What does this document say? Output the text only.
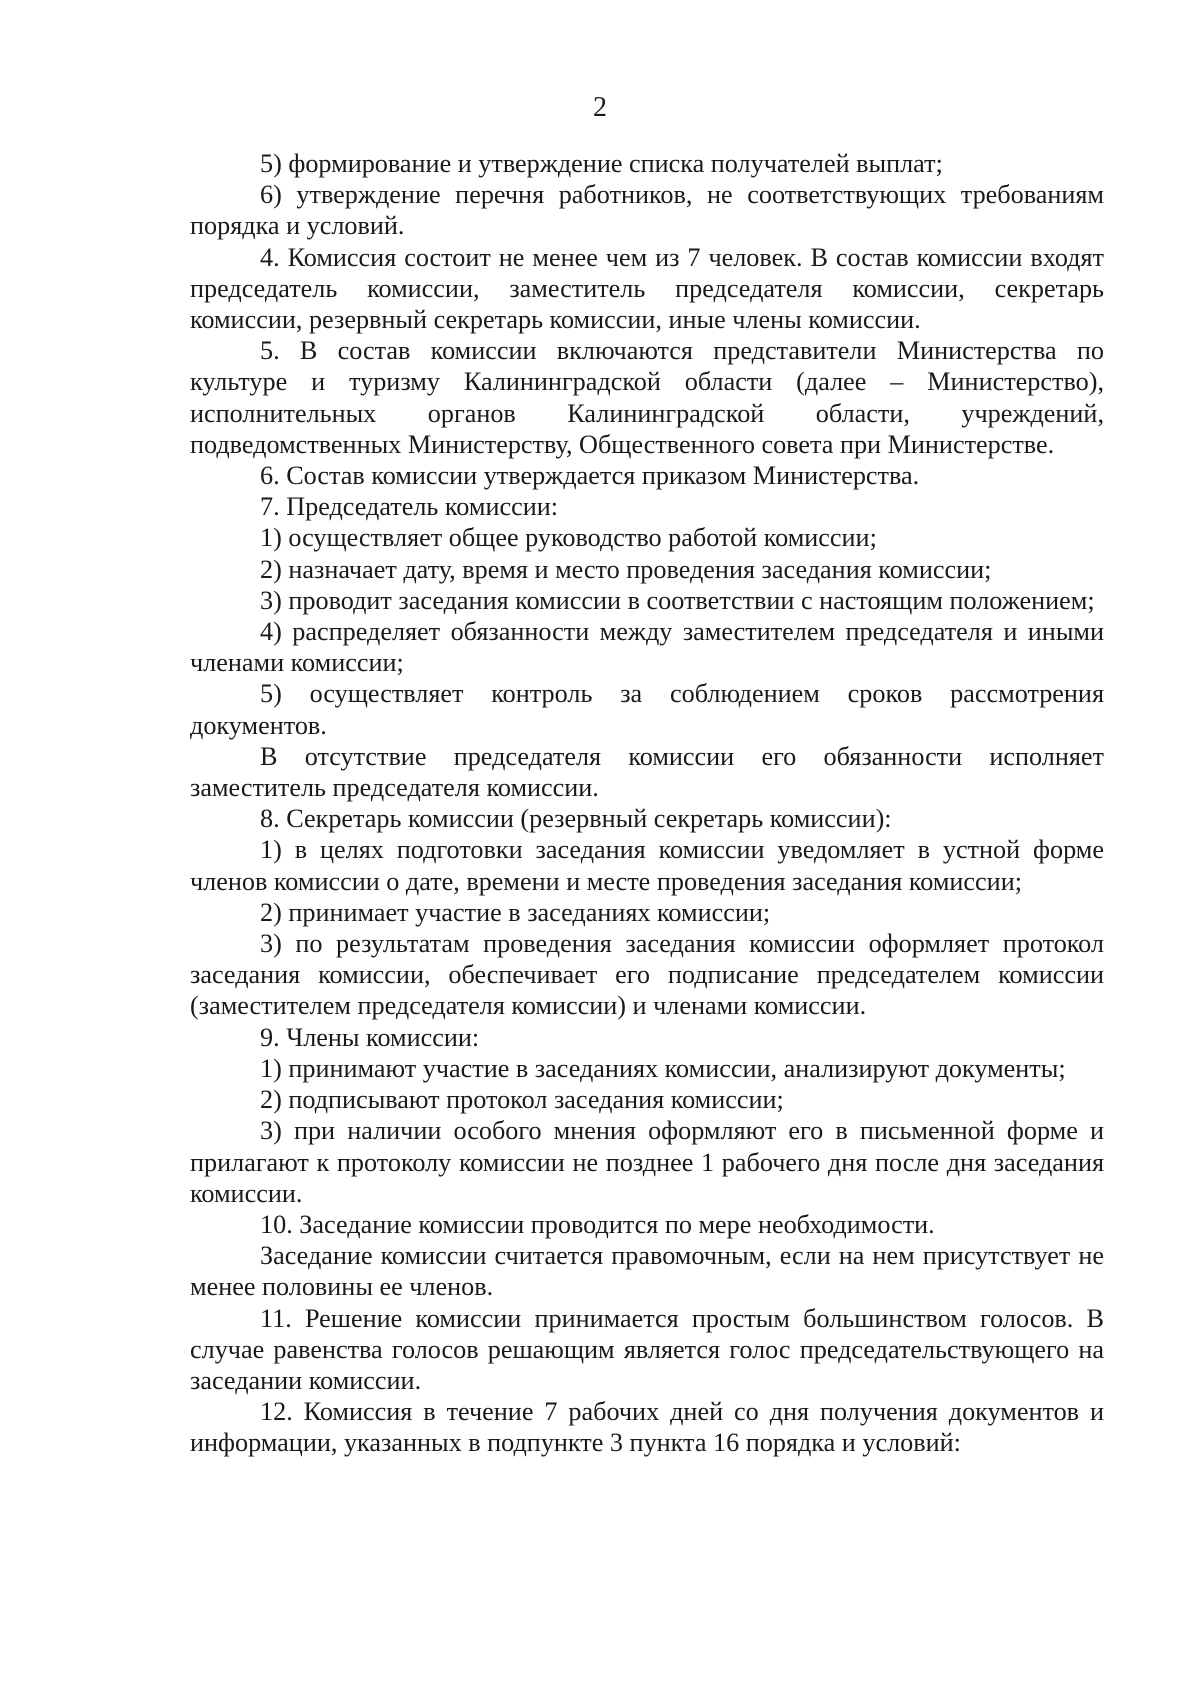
2

5) формирование и утверждение списка получателей выплат;

6) утверждение перечня работников, не соответствующих требованиям порядка и условий.

4. Комиссия состоит не менее чем из 7 человек. В состав комиссии входят председатель комиссии, заместитель председателя комиссии, секретарь комиссии, резервный секретарь комиссии, иные члены комиссии.

5. В состав комиссии включаются представители Министерства по культуре и туризму Калининградской области (далее – Министерство), исполнительных органов Калининградской области, учреждений, подведомственных Министерству, Общественного совета при Министерстве.

6. Состав комиссии утверждается приказом Министерства.

7. Председатель комиссии:

1) осуществляет общее руководство работой комиссии;

2) назначает дату, время и место проведения заседания комиссии;

3) проводит заседания комиссии в соответствии с настоящим положением;

4) распределяет обязанности между заместителем председателя и иными членами комиссии;

5) осуществляет контроль за соблюдением сроков рассмотрения документов.

В отсутствие председателя комиссии его обязанности исполняет заместитель председателя комиссии.

8. Секретарь комиссии (резервный секретарь комиссии):

1) в целях подготовки заседания комиссии уведомляет в устной форме членов комиссии о дате, времени и месте проведения заседания комиссии;

2) принимает участие в заседаниях комиссии;

3) по результатам проведения заседания комиссии оформляет протокол заседания комиссии, обеспечивает его подписание председателем комиссии (заместителем председателя комиссии) и членами комиссии.

9. Члены комиссии:

1) принимают участие в заседаниях комиссии, анализируют документы;

2) подписывают протокол заседания комиссии;

3) при наличии особого мнения оформляют его в письменной форме и прилагают к протоколу комиссии не позднее 1 рабочего дня после дня заседания комиссии.

10. Заседание комиссии проводится по мере необходимости.

Заседание комиссии считается правомочным, если на нем присутствует не менее половины ее членов.

11. Решение комиссии принимается простым большинством голосов. В случае равенства голосов решающим является голос председательствующего на заседании комиссии.

12. Комиссия в течение 7 рабочих дней со дня получения документов и информации, указанных в подпункте 3 пункта 16 порядка и условий:
